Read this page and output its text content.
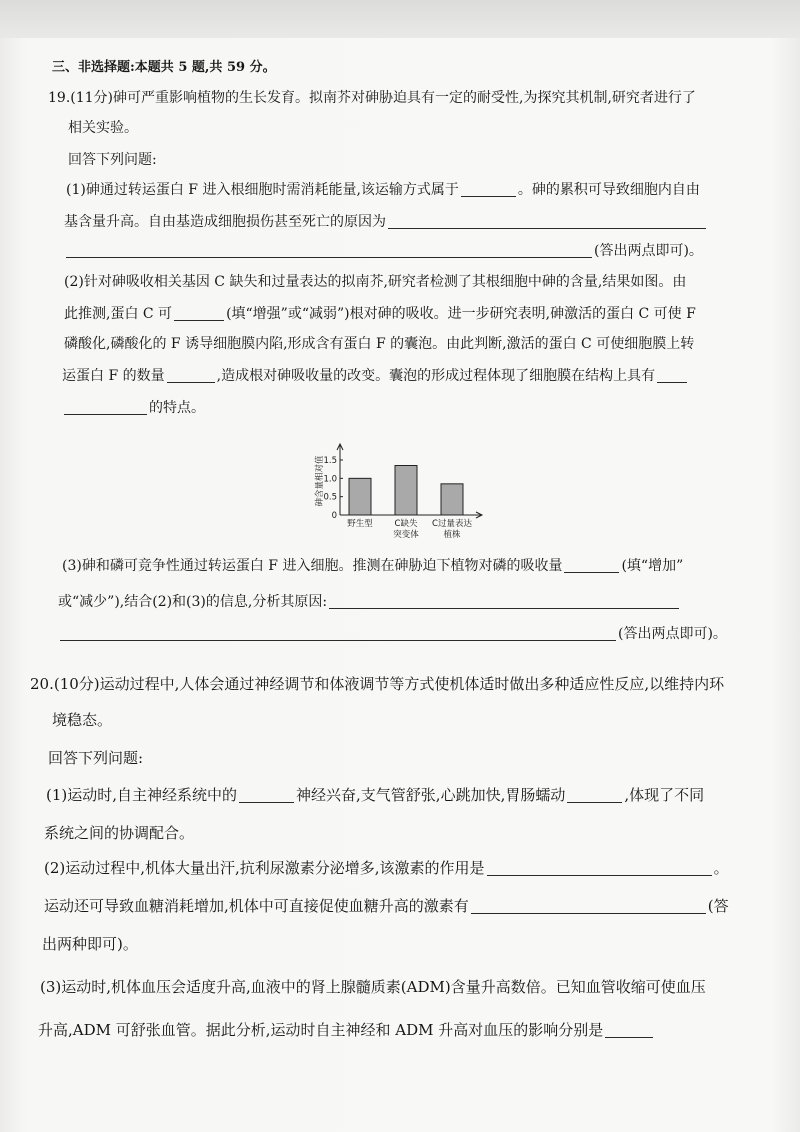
三、非选择题:本题共 5 题,共 59 分。
19.(11分)砷可严重影响植物的生长发育。拟南芥对砷胁迫具有一定的耐受性,为探究其机制,研究者进行了
相关实验。
回答下列问题:
(1)砷通过转运蛋白 F 进入根细胞时需消耗能量,该运输方式属于	。砷的累积可导致细胞内自由
基含量升高。自由基造成细胞损伤甚至死亡的原因为
(答出两点即可)。
(2)针对砷吸收相关基因 C 缺失和过量表达的拟南芥,研究者检测了其根细胞中砷的含量,结果如图。由
此推测,蛋白 C 可	(填“增强”或“减弱”)根对砷的吸收。进一步研究表明,砷激活的蛋白 C 可使 F
磷酸化,磷酸化的 F 诱导细胞膜内陷,形成含有蛋白 F 的囊泡。由此判断,激活的蛋白 C 可使细胞膜上转
运蛋白 F 的数量	,造成根对砷吸收量的改变。囊泡的形成过程体现了细胞膜在结构上具有
的特点。
0
0.5
1.0
1.5
野生型	C缺失突变体
C过量表达植株
砷含量相对值
(3)砷和磷可竞争性通过转运蛋白 F 进入细胞。推测在砷胁迫下植物对磷的吸收量	(填“增加”
或“减少”),结合(2)和(3)的信息,分析其原因:
(答出两点即可)。
20.(10分)运动过程中,人体会通过神经调节和体液调节等方式使机体适时做出多种适应性反应,以维持内环
境稳态。
回答下列问题:
(1)运动时,自主神经系统中的	神经兴奋,支气管舒张,心跳加快,胃肠蠕动	,体现了不同
系统之间的协调配合。
(2)运动过程中,机体大量出汗,抗利尿激素分泌增多,该激素的作用是	。
运动还可导致血糖消耗增加,机体中可直接促使血糖升高的激素有	(答
出两种即可)。
(3)运动时,机体血压会适度升高,血液中的肾上腺髓质素(ADM)含量升高数倍。已知血管收缩可使血压
升高,ADM 可舒张血管。据此分析,运动时自主神经和 ADM 升高对血压的影响分别是
